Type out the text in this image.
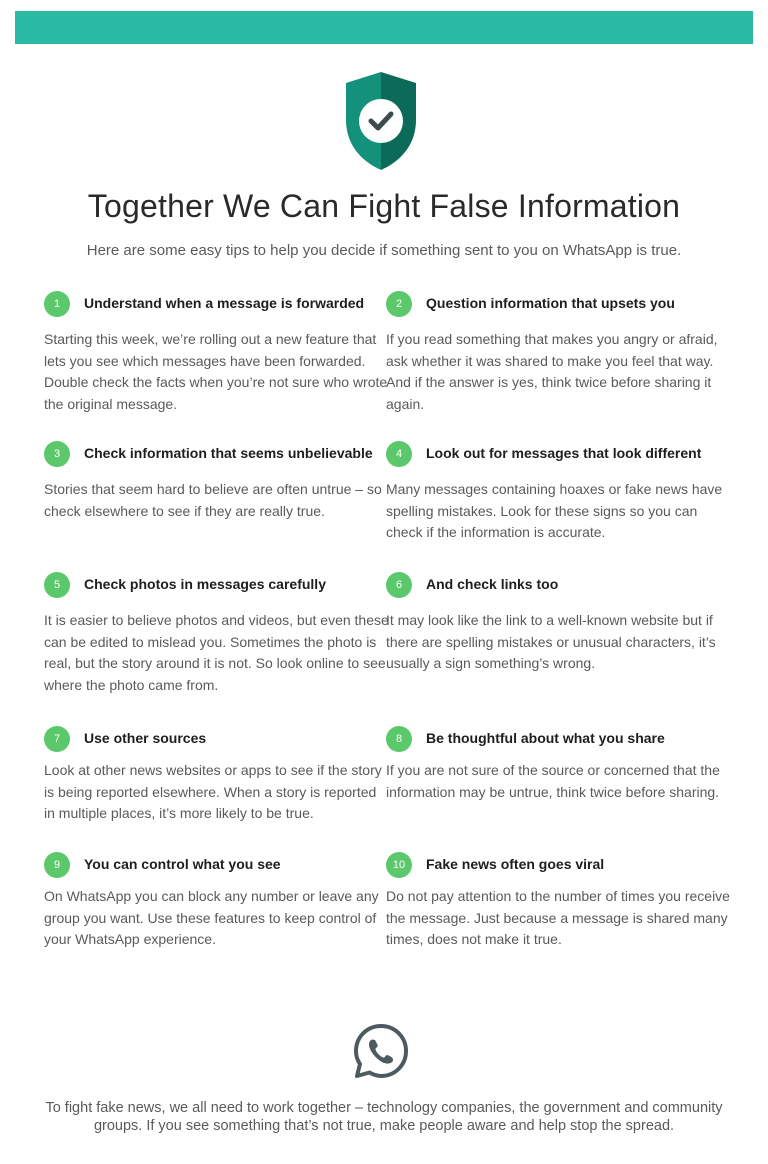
Together We Can Fight False Information
Here are some easy tips to help you decide if something sent to you on WhatsApp is true.
1	Understand when a message is forwarded
Starting this week, we’re rolling out a new feature that lets you see which messages have been forwarded. Double check the facts when you’re not sure who wrote the original message.
2	Question information that upsets you
If you read something that makes you angry or afraid, ask whether it was shared to make you feel that way. And if the answer is yes, think twice before sharing it again.
3	Check information that seems unbelievable
Stories that seem hard to believe are often untrue – so check elsewhere to see if they are really true.
4	Look out for messages that look different
Many messages containing hoaxes or fake news have spelling mistakes. Look for these signs so you can check if the information is accurate.
5	Check photos in messages carefully
It is easier to believe photos and videos, but even these can be edited to mislead you. Sometimes the photo is real, but the story around it is not. So look online to see where the photo came from.
6	And check links too
It may look like the link to a well-known website but if there are spelling mistakes or unusual characters, it’s usually a sign something’s wrong.
7	Use other sources
Look at other news websites or apps to see if the story is being reported elsewhere. When a story is reported in multiple places, it’s more likely to be true.
8	Be thoughtful about what you share
If you are not sure of the source or concerned that the information may be untrue, think twice before sharing.
9	You can control what you see
On WhatsApp you can block any number or leave any group you want. Use these features to keep control of your WhatsApp experience.
10	Fake news often goes viral
Do not pay attention to the number of times you receive the message. Just because a message is shared many times, does not make it true.
To fight fake news, we all need to work together – technology companies, the government and community groups. If you see something that’s not true, make people aware and help stop the spread.
